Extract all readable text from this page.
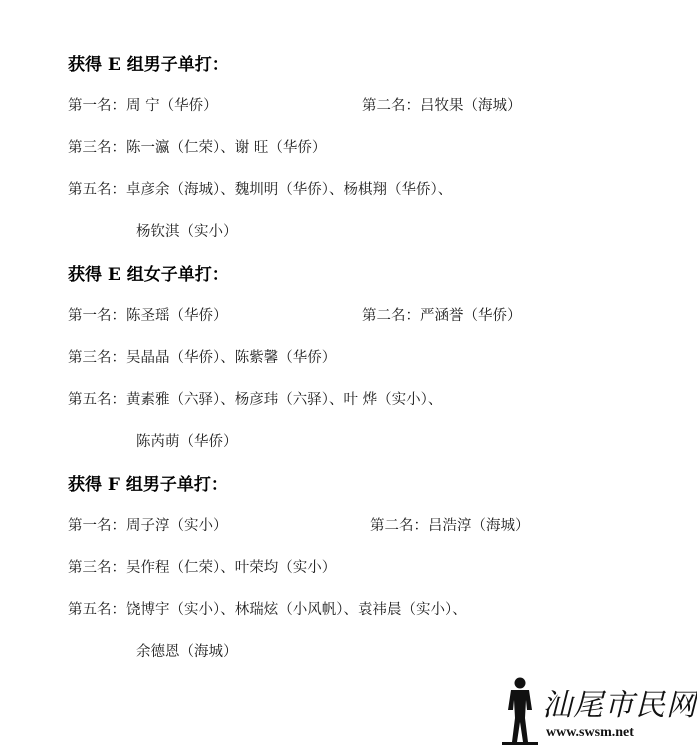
获得 E 组男子单打：
第一名：周 宁（华侨）	第二名：吕牧果（海城）
第三名：陈一瀛（仁荣）、谢 旺（华侨）
第五名：卓彦余（海城）、魏圳明（华侨）、杨棋翔（华侨）、
杨钦淇（实小）
获得 E 组女子单打：
第一名：陈圣瑶（华侨）	第二名：严涵誉（华侨）
第三名：吴晶晶（华侨）、陈紫馨（华侨）
第五名：黄素雅（六驿）、杨彦玮（六驿）、叶 烨（实小）、
陈芮萌（华侨）
获得 F 组男子单打：
第一名：周子淳（实小）	第二名：吕浩淳（海城）
第三名：吴作程（仁荣）、叶荣均（实小）
第五名：饶博宇（实小）、林瑞炫（小风帆）、袁祎晨（实小）、
余德恩（海城）
汕尾市民网
www.swsm.net
